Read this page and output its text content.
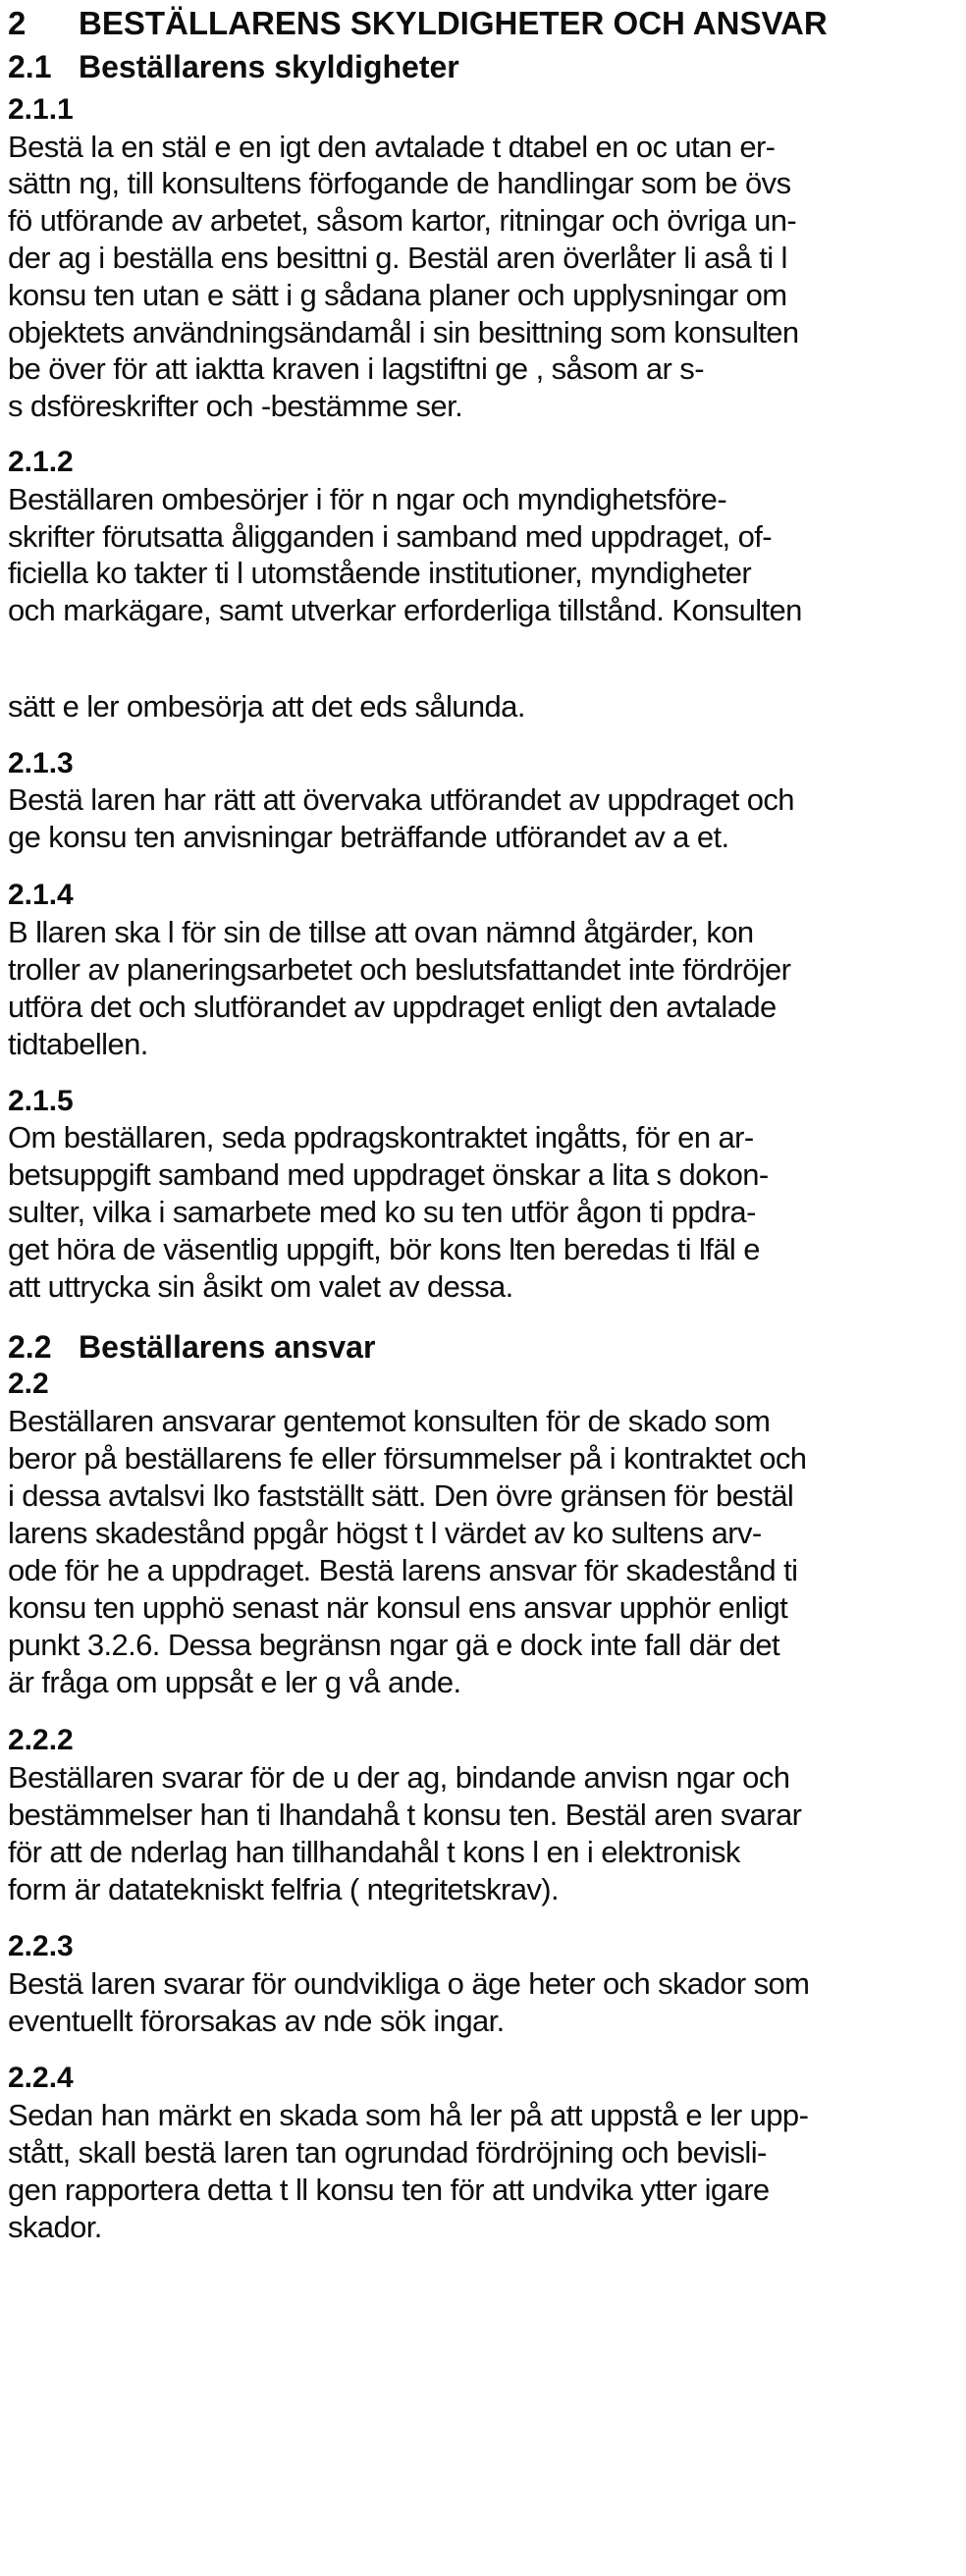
2 BESTÄLLARENS SKYLDIGHETER OCH ANSVAR
2.1 Beställarens skyldigheter
2.1.1
Bestä la en stäl e en igt den avtalade t dtabel en oc utan er-
sättn ng, till konsultens förfogande de handlingar som be övs
fö utförande av arbetet, såsom kartor, ritningar och övriga un-
der ag i beställa ens besittni g. Bestäl aren överlåter li aså ti l
konsu ten utan e sätt i g sådana planer och upplysningar om
objektets användningsändamål i sin besittning som konsulten
be över för att iaktta kraven i lagstiftni ge , såsom ar s-
s dsföreskrifter och -bestämme ser.
2.1.2
Beställaren ombesörjer i för n ngar och myndighetsföre-
skrifter förutsatta åligganden i samband med uppdraget, of-
ficiella ko takter ti l utomstående institutioner, myndigheter
och markägare, samt utverkar erforderliga tillstånd. Konsulten
sätt e ler ombesörja att det eds sålunda.
2.1.3
Bestä laren har rätt att övervaka utförandet av uppdraget och
ge konsu ten anvisningar beträffande utförandet av a et.
2.1.4
B llaren ska l för sin de tillse att ovan nämnd åtgärder, kon
troller av planeringsarbetet och beslutsfattandet inte fördröjer
utföra det och slutförandet av uppdraget enligt den avtalade
tidtabellen.
2.1.5
Om beställaren, seda ppdragskontraktet ingåtts, för en ar-
betsuppgift samband med uppdraget önskar a lita s dokon-
sulter, vilka i samarbete med ko su ten utför ågon ti ppdra-
get höra de väsentlig uppgift, bör kons lten beredas ti lfäl e
att uttrycka sin åsikt om valet av dessa.
2.2 Beställarens ansvar
2.2
Beställaren ansvarar gentemot konsulten för de skado som
beror på beställarens fe eller försummelser på i kontraktet och
i dessa avtalsvi lko fastställt sätt. Den övre gränsen för bestäl
larens skadestånd ppgår högst t l värdet av ko sultens arv-
ode för he a uppdraget. Bestä larens ansvar för skadestånd ti
konsu ten upphö senast när konsul ens ansvar upphör enligt
punkt 3.2.6. Dessa begränsn ngar gä e dock inte fall där det
är fråga om uppsåt e ler g vå ande.
2.2.2
Beställaren svarar för de u der ag, bindande anvisn ngar och
bestämmelser han ti lhandahå t konsu ten. Bestäl aren svarar
för att de nderlag han tillhandahål t kons l en i elektronisk
form är datatekniskt felfria ( ntegritetskrav).
2.2.3
Bestä laren svarar för oundvikliga o äge heter och skador som
eventuellt förorsakas av nde sök ingar.
2.2.4
Sedan han märkt en skada som hå ler på att uppstå e ler upp-
stått, skall bestä laren tan ogrundad fördröjning och bevisli-
gen rapportera detta t ll konsu ten för att undvika ytter igare
skador.
